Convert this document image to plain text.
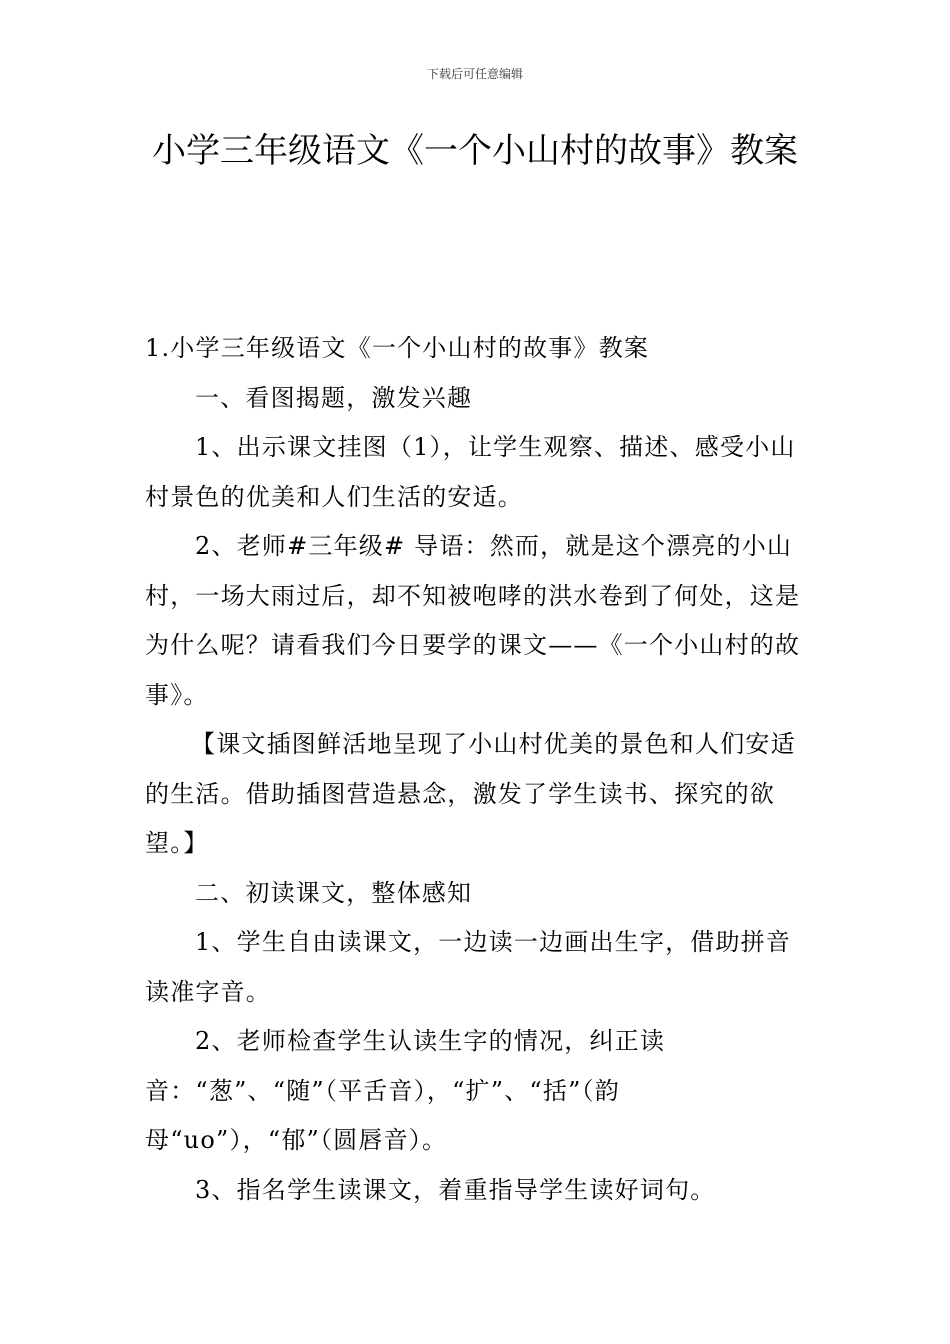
下载后可任意编辑
小学三年级语文《一个小山村的故事》教案

1.小学三年级语文《一个小山村的故事》教案

一、看图揭题，激发兴趣

1、出示课文挂图（1），让学生观察、描述、感受小山村景色的优美和人们生活的安适。

2、老师#三年级# 导语：然而，就是这个漂亮的小山村，一场大雨过后，却不知被咆哮的洪水卷到了何处，这是为什么呢？请看我们今日要学的课文——《一个小山村的故事》。

【课文插图鲜活地呈现了小山村优美的景色和人们安适的生活。借助插图营造悬念，激发了学生读书、探究的欲 望。】

二、初读课文，整体感知

1、学生自由读课文，一边读一边画出生字，借助拼音读准字音。

2、老师检查学生认读生字的情况，纠正读音：“葱”、“随”（平舌音），“扩”、“括”（韵母“uo”），“郁”（圆唇音）。

3、指名学生读课文，着重指导学生读好词句。
